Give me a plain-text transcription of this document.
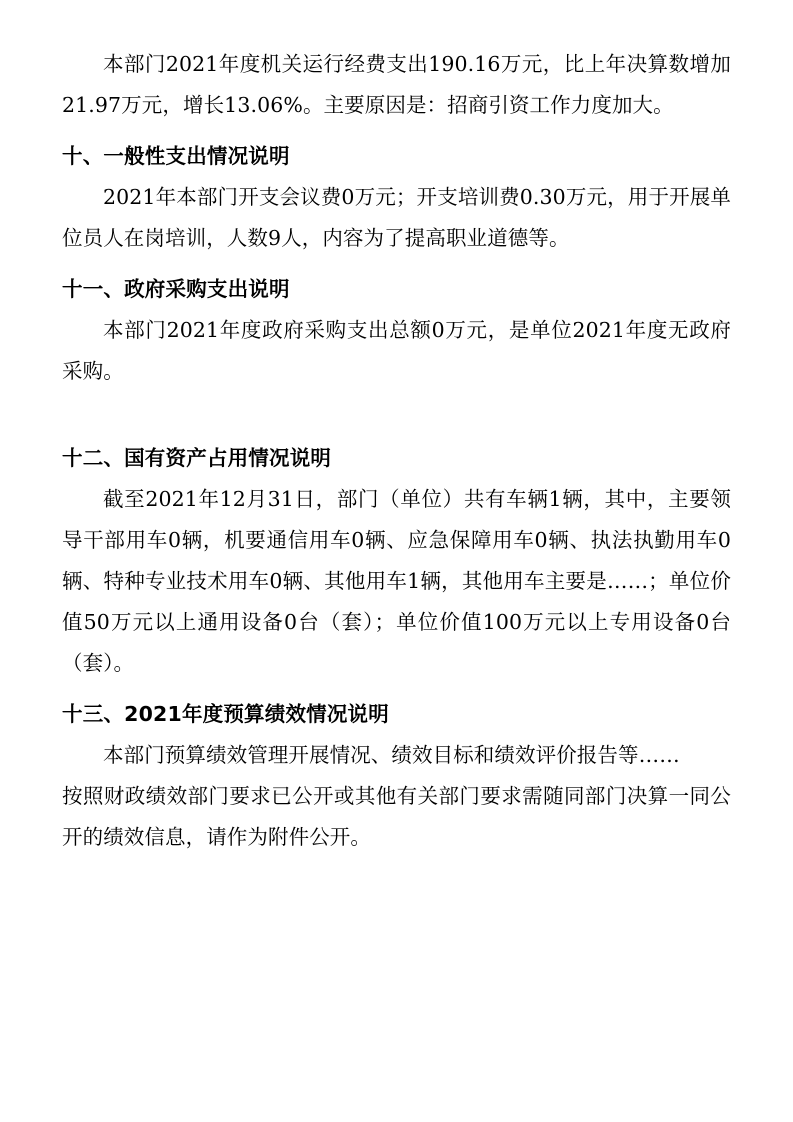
本部门2021年度机关运行经费支出190.16万元，比上年决算数增加21.97万元，增长13.06%。主要原因是：招商引资工作力度加大。

十、一般性支出情况说明

2021年本部门开支会议费0万元；开支培训费0.30万元，用于开展单位员人在岗培训，人数9人，内容为了提高职业道德等。

十一、政府采购支出说明

本部门2021年度政府采购支出总额0万元，是单位2021年度无政府采购。

十二、国有资产占用情况说明

截至2021年12月31日，部门（单位）共有车辆1辆，其中，主要领导干部用车0辆，机要通信用车0辆、应急保障用车0辆、执法执勤用车0辆、特种专业技术用车0辆、其他用车1辆，其他用车主要是……；单位价值50万元以上通用设备0台（套）；单位价值100万元以上专用设备0台（套）。

十三、2021年度预算绩效情况说明

本部门预算绩效管理开展情况、绩效目标和绩效评价报告等……

按照财政绩效部门要求已公开或其他有关部门要求需随同部门决算一同公开的绩效信息，请作为附件公开。
